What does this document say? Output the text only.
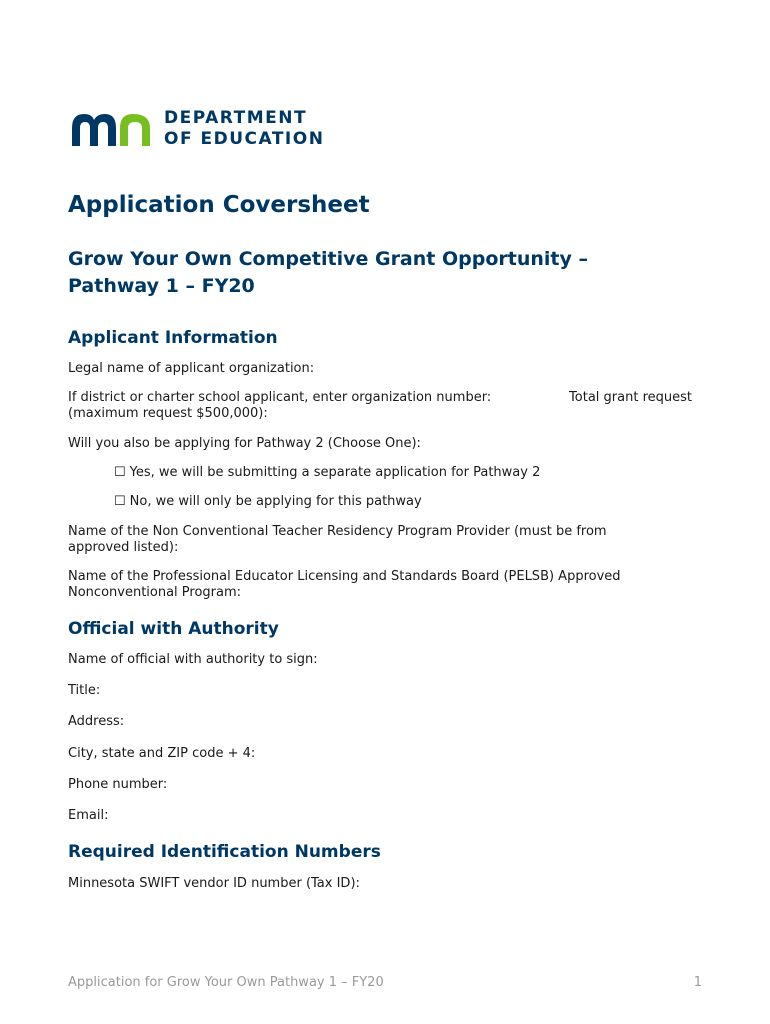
DEPARTMENT
OF EDUCATION
Application Coversheet
Grow Your Own Competitive Grant Opportunity –
Pathway 1 – FY20
Applicant Information
Legal name of applicant organization:
If district or charter school applicant, enter organization number:	Total grant request
(maximum request $500,000):
Will you also be applying for Pathway 2 (Choose One):
☐ Yes, we will be submitting a separate application for Pathway 2
☐ No, we will only be applying for this pathway
Name of the Non Conventional Teacher Residency Program Provider (must be from
approved listed):
Name of the Professional Educator Licensing and Standards Board (PELSB) Approved
Nonconventional Program:
Official with Authority
Name of official with authority to sign:
Title:
Address:
City, state and ZIP code + 4:
Phone number:
Email:
Required Identification Numbers
Minnesota SWIFT vendor ID number (Tax ID):
Application for Grow Your Own Pathway 1 – FY20	1
